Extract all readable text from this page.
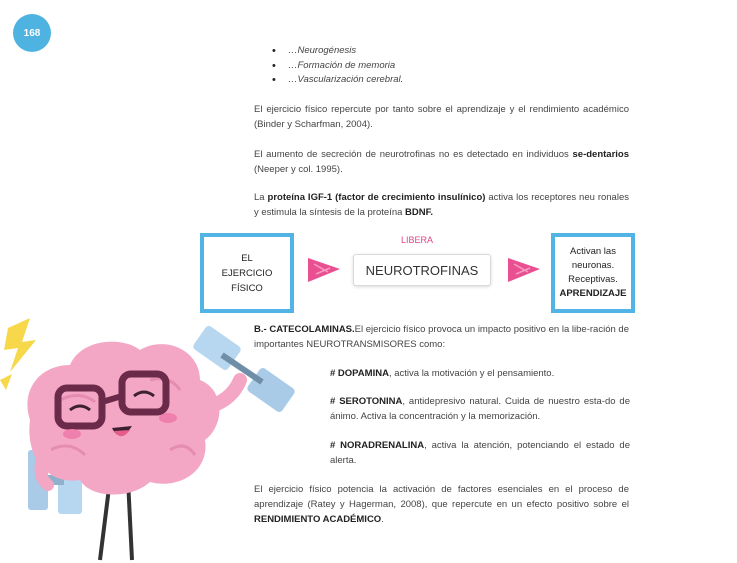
168
• …Neurogénesis
• …Formación de memoria
• …Vascularización cerebral.

El ejercicio físico repercute por tanto sobre el aprendizaje y el rendimiento académico (Binder y Scharfman, 2004).

El aumento de secreción de neurotrofinas no es detectado en individuos se-dentarios (Neeper y col. 1995).

La proteína IGF-1 (factor de crecimiento insulínico) activa los receptores neu ronales y estimula la síntesis de la proteína BDNF.

EL
EJERCICIO
FÍSICO
LIBERA
NEUROTROFINAS
Activan las
neuronas.
Receptivas.
APRENDIZAJE

B.- CATECOLAMINAS.El ejercicio físico provoca un impacto positivo en la libe-ración de importantes NEUROTRANSMISORES como:

# DOPAMINA, activa la motivación y el pensamiento.

# SEROTONINA, antidepresivo natural. Cuida de nuestro esta-do de ánimo. Activa la concentración y la memorización.

# NORADRENALINA, activa la atención, potenciando el estado de alerta.

El ejercicio físico potencia la activación de factores esenciales en el proceso de aprendizaje (Ratey y Hagerman, 2008), que repercute en un efecto positivo sobre el RENDIMIENTO ACADÉMICO.
